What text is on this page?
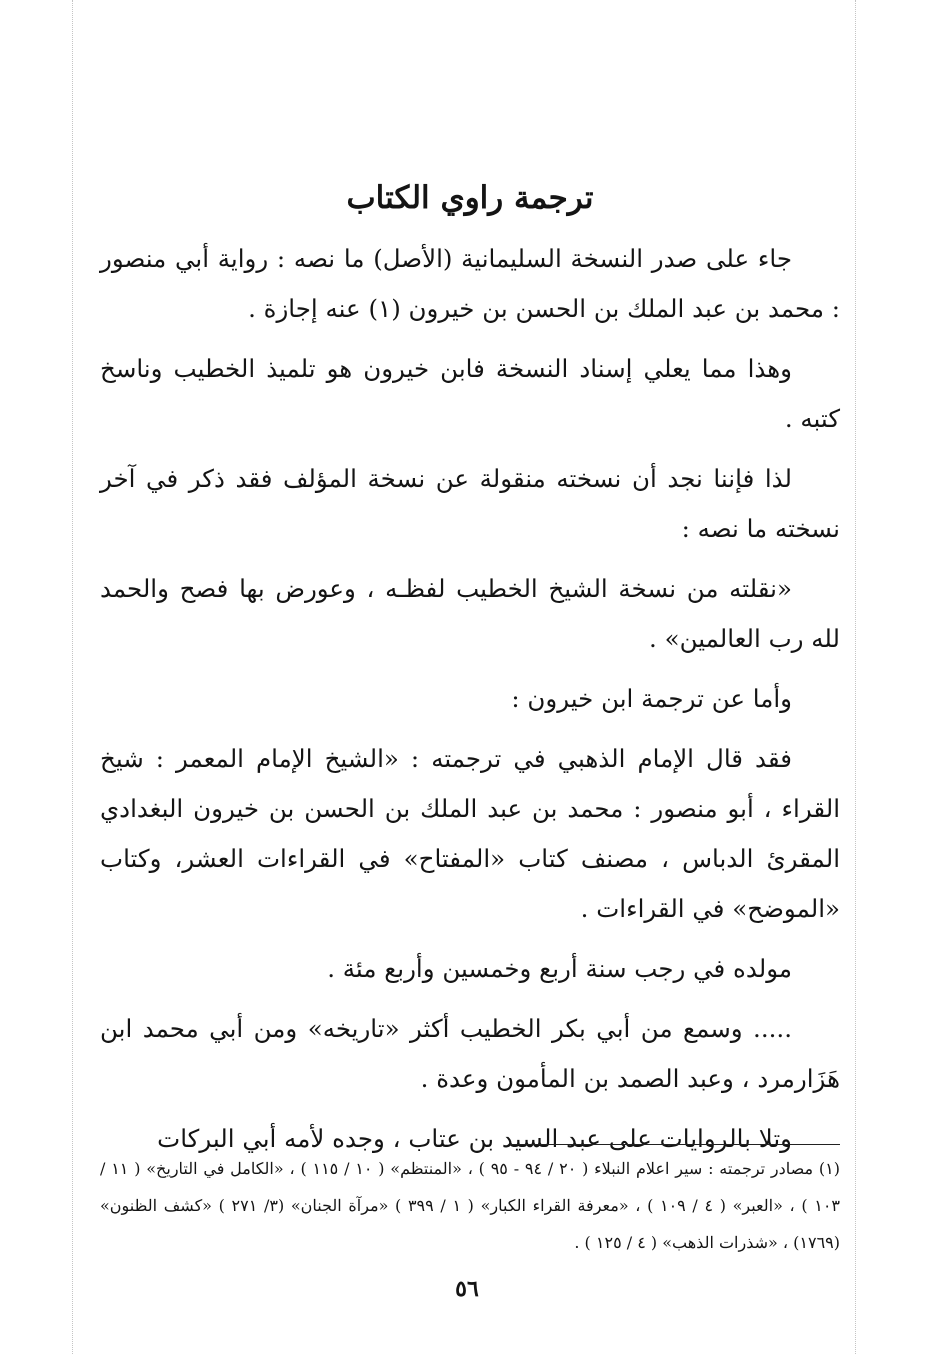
ترجمة راوي الكتاب

جاء على صدر النسخة السليمانية (الأصل) ما نصه : رواية أبي منصور : محمد بن عبد الملك بن الحسن بن خيرون (١) عنه إجازة .

وهذا مما يعلي إسناد النسخة فابن خيرون هو تلميذ الخطيب وناسخ كتبه .

لذا فإننا نجد أن نسخته منقولة عن نسخة المؤلف فقد ذكر في آخر نسخته ما نصه :

«نقلته من نسخة الشيخ الخطيب لفظـه ، وعورض بها فصح والحمد لله رب العالمين» .

وأما عن ترجمة ابن خيرون :

فقد قال الإمام الذهبي في ترجمته : «الشيخ الإمام المعمر : شيخ القراء ، أبو منصور : محمد بن عبد الملك بن الحسن بن خيرون البغدادي المقرئ الدباس ، مصنف كتاب «المفتاح» في القراءات العشر، وكتاب «الموضح» في القراءات .

مولده في رجب سنة أربع وخمسين وأربع مئة .

..... وسمع من أبي بكر الخطيب أكثر «تاريخه» ومن أبي محمد ابن هَزَارمرد ، وعبد الصمد بن المأمون وعدة .

وتلا بالروايات على عبد السيد بن عتاب ، وجده لأمه أبي البركات

(١) مصادر ترجمته : سير اعلام النبلاء ( ٢٠ / ٩٤ - ٩٥ ) ، «المنتظم» ( ١٠ / ١١٥ ) ، «الكامل في التاريخ» ( ١١ / ١٠٣ ) ، «العبر» ( ٤ / ١٠٩ ) ، «معرفة القراء الكبار» ( ١ / ٣٩٩ ) «مرآة الجنان» (٣/ ٢٧١ ) «كشف الظنون» (١٧٦٩) ، «شذرات الذهب» ( ٤ / ١٢٥ ) .

٥٦
